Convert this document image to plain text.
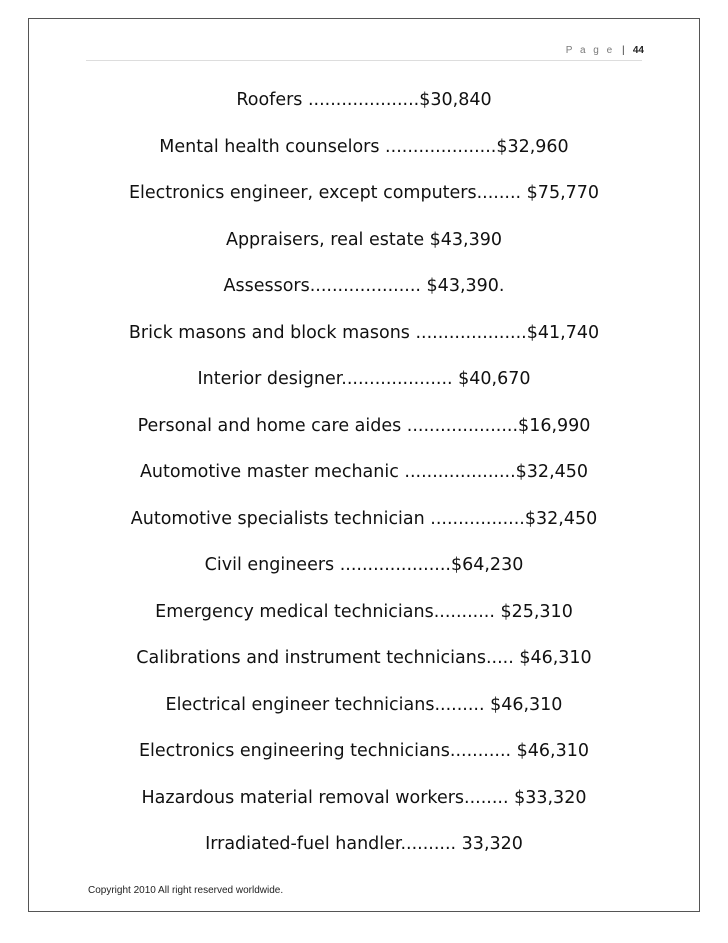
P a g e | 44
Roofers ....................$30,840
Mental health counselors ....................$32,960
Electronics engineer, except computers........ $75,770
Appraisers, real estate $43,390
Assessors.................... $43,390.
Brick masons and block masons ....................$41,740
Interior designer.................... $40,670
Personal and home care aides ....................$16,990
Automotive master mechanic ....................$32,450
Automotive specialists technician .................$32,450
Civil engineers ....................$64,230
Emergency medical technicians........... $25,310
Calibrations and instrument technicians..... $46,310
Electrical engineer technicians......... $46,310
Electronics engineering technicians........... $46,310
Hazardous material removal workers........ $33,320
Irradiated-fuel handler.......... 33,320
Copyright 2010 All right reserved worldwide.
